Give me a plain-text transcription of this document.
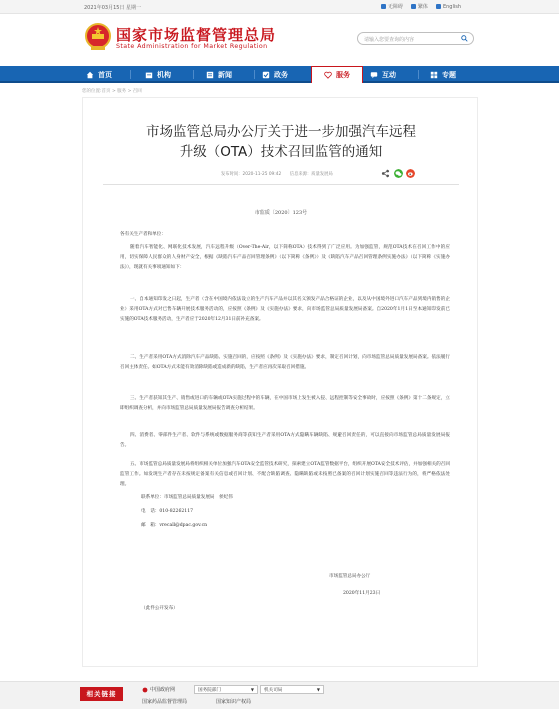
2021年03月15日 星期一	无障碍	繁体	English
国家市场监督管理总局
State Administration for Market Regulation
请输入您要查询的内容
首页	机构	新闻	政务	服务	互动	专题
您的位置:首页 > 服务 > 召回
市场监管总局办公厅关于进一步加强汽车远程
升级（OTA）技术召回监管的通知
发布时间：2020-11-25 09:42　　信息来源：质量发展局
市监质〔2020〕123号
各有关生产者和单位：
随着汽车智能化、网联化技术发展，汽车远程升级（Over-The-Air，以下简称OTA）技术得到了广泛应用。为加强监管，规范OTA技术在召回工作中的应用，切实保障人民群众的人身财产安全，根据《缺陷汽车产品召回管理条例》（以下简称《条例》）及《缺陷汽车产品召回管理条例实施办法》（以下简称《实施办法》），现就有关事项通知如下：
一、自本通知印发之日起，生产者（含在中国境内依法设立的生产汽车产品并以其名义颁发产品合格证的企业，以及从中国境外进口汽车产品到境内销售的企业）采用OTA方式对已售车辆开展技术服务活动的，应按照《条例》及《实施办法》要求，向市场监管总局质量发展局备案。自2020年1月1日至本通知印发前已实施的OTA技术服务活动，生产者应于2020年12月31日前补充备案。
二、生产者采用OTA方式消除汽车产品缺陷、实施召回的，应按照《条例》及《实施办法》要求，制定召回计划，向市场监管总局质量发展局备案。依法履行召回主体责任。如OTA方式未能有效消除缺陷或造成新的缺陷，生产者应再次采取召回措施。
三、生产者获知其生产、销售或进口的车辆或OTA实施过程中的车辆，在中国市场上发生被入侵、远程控制等安全事故时，应按照《条例》第十二条规定，立即组织调查分析，并向市场监管总局质量发展局报告调查分析结果。
四、消费者、零部件生产者、软件与系统或数据服务商等获知生产者采用OTA方式隐瞒车辆缺陷、规避召回责任的，可以直接向市场监管总局质量发展局报告。
五、市场监管总局质量发展局将组织相关单位加强汽车OTA安全监管技术研究，探索建立OTA监管数据平台，组织开展OTA安全技术评估，并加强相关的召回监管工作。如发现生产者存在未按规定备案有关信息或召回计划、不配合缺陷调查、隐瞒缺陷或未按照已备案的召回计划实施召回等违法行为的，将严格依法处理。
联系单位：市场监管总局质量发展局　侯纪伟
电　话：010-82262117
邮　箱：vrecall@dpac.gov.cn
市场监管总局办公厅
2020年11月23日
（此件公开发布）
相关链接	中国政府网	国务院部门	▼	机关司局	▼
国家药品监督管理局	国家知识产权局
